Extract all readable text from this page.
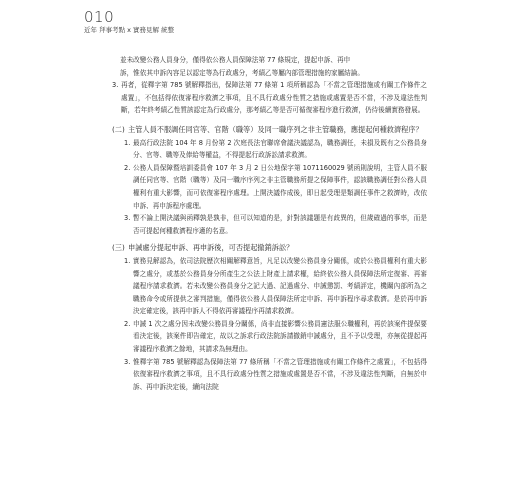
010
近年 拜事考點 x 實務見解 統整

並未改變公務人員身分，僅得依公務人員保障法第 77 條規定，提起申訴、再申

訴，惟依其申訴內容足以認定等為行政處分，考績乙等屬內部管理措施的家屬結論。

3. 再者，從釋字第 785 號解釋指出，保障法第 77 條第 1 項所稱認為「不當之管理措施或有關工作條件之處置」，不包括得依復審程序救濟之事項，且不具行政處分性質之措施或處置是否不當，不涉及違法性判斷，若年終考績乙性質該認定為行政處分，那考績乙等是否可循復審程序進行救濟，仍待後續實務發展。
(二) 主管人員不服調任同官等、官階（職等）及同一職序列之非主管職務，應提起何種救濟程序？
1. 最高行政法院 104 年 8 月份第 2 次庭長法官聯席會議決議認為，職務調任，未損及既有之公務員身分、官等、職等及俸給等權益，不得提起行政訴訟請求救濟。
2. 公務人員保障暨培訓委員會 107 年 3 月 2 日公地保字第 1071160029 號函則說明，主管人員不服調任同官等、官階（職等）及同一職序序列之非主管職務所提之保障事件，認該職務調任對公務人員權利有重大影響，而可依復審程序處理。上開決議作成後，即日起受理是類調任事件之救濟時，改依申訴、再申訴程序處理。
3. 暫不論上開決議與函釋孰是孰非，但可以知道的是，針對該議題是有歧異的，但歲確過的事率，而是否可提起何種救濟程序適的名意。
(三) 申誡處分提起申訴、再申訴後，可否提起撤銷訴訟？
1. 實務見解認為，依司法院歷次相關解釋意旨，凡足以改變公務員身分關係，或於公務員權利有重大影響之處分，或基於公務員身分所產生之公法上財產上請求權，給終依公務人員保障法所定復審、再審議程序請求救濟。若未改變公務員身分之記大過、記過處分、申誡懲罰、考績評定，機關內部所為之職務命令或所提供之審判措施，僅得依公務人員保障法所定申訴、再申訴程序尋求救濟。是於再申訴決定確定後，該再申訴人不得依再審議程序再請求救濟。
2. 申誡 1 次之處分因未改變公務員身分關係，尚非直接影響公務員憲法服公職權利，再於該案件提保要看決定後，該案件即告確定，故以之訴求行政法院訴請撤銷申誡處分，且不予以受理，亦無從提起再審議程序救濟之餘地，其請求為無理由。
3. 惟釋字第 785 號解釋認為保障法第 77 條所稱「不當之管理措施或有關工作條件之處置」，不包括得依復審程序救濟之事項，且不具行政處分性質之措施或處置是否不當，不涉及違法性判斷，自無於申訴、再申訴決定後，續向法院
